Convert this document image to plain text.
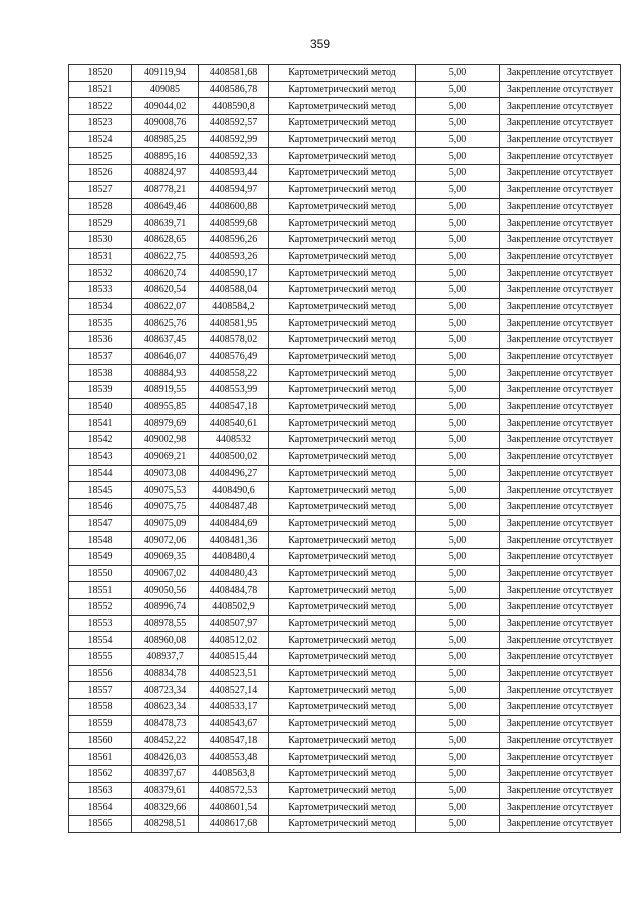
359
18520	409119,94	4408581,68	Картометрический метод	5,00	Закрепление отсутствует
18521	409085	4408586,78	Картометрический метод	5,00	Закрепление отсутствует
18522	409044,02	4408590,8	Картометрический метод	5,00	Закрепление отсутствует
18523	409008,76	4408592,57	Картометрический метод	5,00	Закрепление отсутствует
18524	408985,25	4408592,99	Картометрический метод	5,00	Закрепление отсутствует
18525	408895,16	4408592,33	Картометрический метод	5,00	Закрепление отсутствует
18526	408824,97	4408593,44	Картометрический метод	5,00	Закрепление отсутствует
18527	408778,21	4408594,97	Картометрический метод	5,00	Закрепление отсутствует
18528	408649,46	4408600,88	Картометрический метод	5,00	Закрепление отсутствует
18529	408639,71	4408599,68	Картометрический метод	5,00	Закрепление отсутствует
18530	408628,65	4408596,26	Картометрический метод	5,00	Закрепление отсутствует
18531	408622,75	4408593,26	Картометрический метод	5,00	Закрепление отсутствует
18532	408620,74	4408590,17	Картометрический метод	5,00	Закрепление отсутствует
18533	408620,54	4408588,04	Картометрический метод	5,00	Закрепление отсутствует
18534	408622,07	4408584,2	Картометрический метод	5,00	Закрепление отсутствует
18535	408625,76	4408581,95	Картометрический метод	5,00	Закрепление отсутствует
18536	408637,45	4408578,02	Картометрический метод	5,00	Закрепление отсутствует
18537	408646,07	4408576,49	Картометрический метод	5,00	Закрепление отсутствует
18538	408884,93	4408558,22	Картометрический метод	5,00	Закрепление отсутствует
18539	408919,55	4408553,99	Картометрический метод	5,00	Закрепление отсутствует
18540	408955,85	4408547,18	Картометрический метод	5,00	Закрепление отсутствует
18541	408979,69	4408540,61	Картометрический метод	5,00	Закрепление отсутствует
18542	409002,98	4408532	Картометрический метод	5,00	Закрепление отсутствует
18543	409069,21	4408500,02	Картометрический метод	5,00	Закрепление отсутствует
18544	409073,08	4408496,27	Картометрический метод	5,00	Закрепление отсутствует
18545	409075,53	4408490,6	Картометрический метод	5,00	Закрепление отсутствует
18546	409075,75	4408487,48	Картометрический метод	5,00	Закрепление отсутствует
18547	409075,09	4408484,69	Картометрический метод	5,00	Закрепление отсутствует
18548	409072,06	4408481,36	Картометрический метод	5,00	Закрепление отсутствует
18549	409069,35	4408480,4	Картометрический метод	5,00	Закрепление отсутствует
18550	409067,02	4408480,43	Картометрический метод	5,00	Закрепление отсутствует
18551	409050,56	4408484,78	Картометрический метод	5,00	Закрепление отсутствует
18552	408996,74	4408502,9	Картометрический метод	5,00	Закрепление отсутствует
18553	408978,55	4408507,97	Картометрический метод	5,00	Закрепление отсутствует
18554	408960,08	4408512,02	Картометрический метод	5,00	Закрепление отсутствует
18555	408937,7	4408515,44	Картометрический метод	5,00	Закрепление отсутствует
18556	408834,78	4408523,51	Картометрический метод	5,00	Закрепление отсутствует
18557	408723,34	4408527,14	Картометрический метод	5,00	Закрепление отсутствует
18558	408623,34	4408533,17	Картометрический метод	5,00	Закрепление отсутствует
18559	408478,73	4408543,67	Картометрический метод	5,00	Закрепление отсутствует
18560	408452,22	4408547,18	Картометрический метод	5,00	Закрепление отсутствует
18561	408426,03	4408553,48	Картометрический метод	5,00	Закрепление отсутствует
18562	408397,67	4408563,8	Картометрический метод	5,00	Закрепление отсутствует
18563	408379,61	4408572,53	Картометрический метод	5,00	Закрепление отсутствует
18564	408329,66	4408601,54	Картометрический метод	5,00	Закрепление отсутствует
18565	408298,51	4408617,68	Картометрический метод	5,00	Закрепление отсутствует
